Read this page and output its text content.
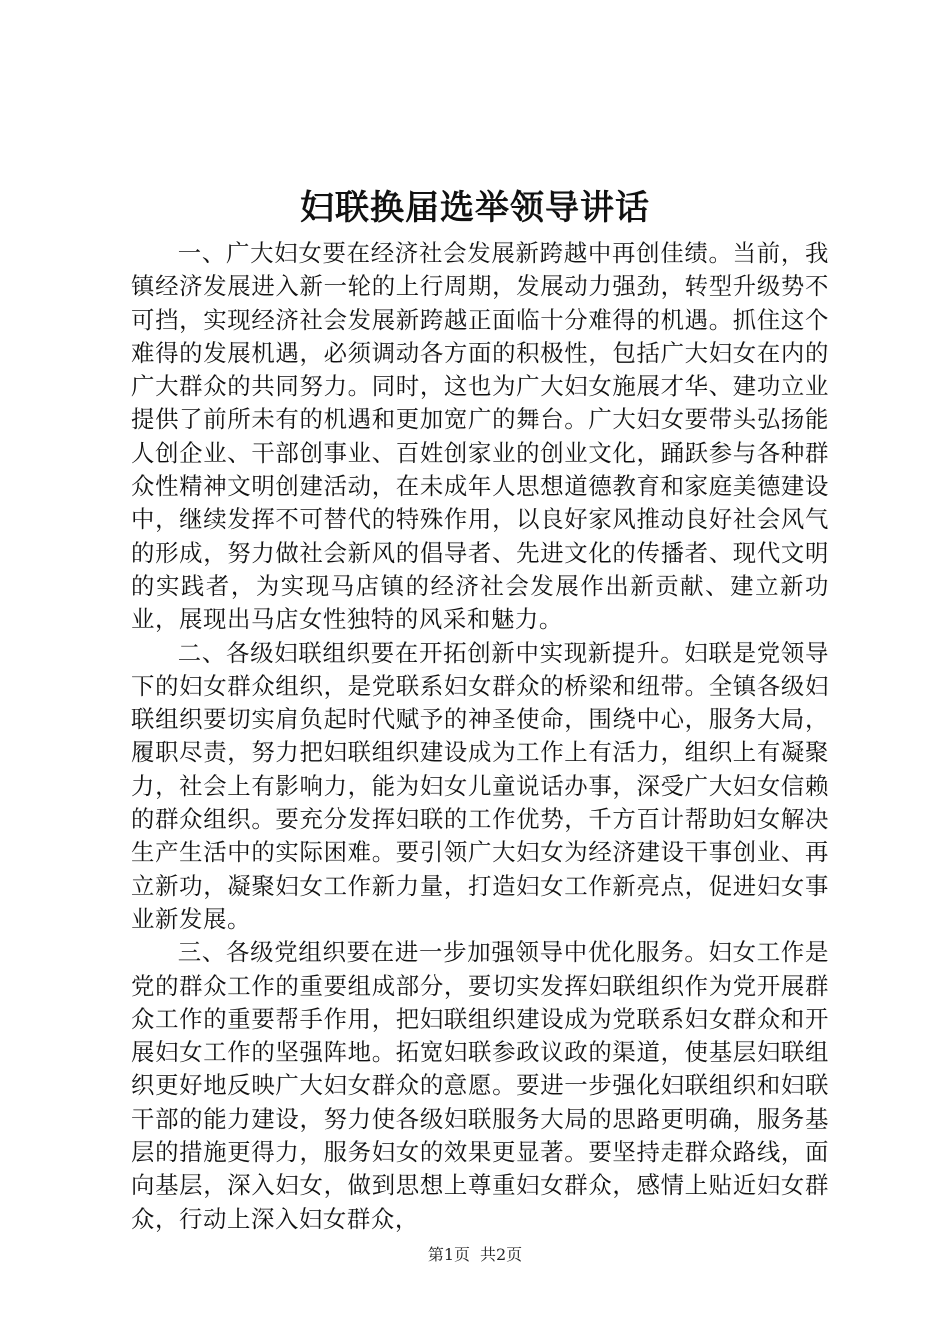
妇联换届选举领导讲话

一、广大妇女要在经济社会发展新跨越中再创佳绩。当前，我镇经济发展进入新一轮的上行周期，发展动力强劲，转型升级势不可挡，实现经济社会发展新跨越正面临十分难得的机遇。抓住这个难得的发展机遇，必须调动各方面的积极性，包括广大妇女在内的广大群众的共同努力。同时，这也为广大妇女施展才华、建功立业提供了前所未有的机遇和更加宽广的舞台。广大妇女要带头弘扬能人创企业、干部创事业、百姓创家业的创业文化，踊跃参与各种群众性精神文明创建活动，在未成年人思想道德教育和家庭美德建设中，继续发挥不可替代的特殊作用，以良好家风推动良好社会风气的形成，努力做社会新风的倡导者、先进文化的传播者、现代文明的实践者，为实现马店镇的经济社会发展作出新贡献、建立新功业，展现出马店女性独特的风采和魅力。

二、各级妇联组织要在开拓创新中实现新提升。妇联是党领导下的妇女群众组织，是党联系妇女群众的桥梁和纽带。全镇各级妇联组织要切实肩负起时代赋予的神圣使命，围绕中心，服务大局，履职尽责，努力把妇联组织建设成为工作上有活力，组织上有凝聚力，社会上有影响力，能为妇女儿童说话办事，深受广大妇女信赖的群众组织。要充分发挥妇联的工作优势，千方百计帮助妇女解决生产生活中的实际困难。要引领广大妇女为经济建设干事创业、再立新功，凝聚妇女工作新力量，打造妇女工作新亮点，促进妇女事业新发展。

三、各级党组织要在进一步加强领导中优化服务。妇女工作是党的群众工作的重要组成部分，要切实发挥妇联组织作为党开展群众工作的重要帮手作用，把妇联组织建设成为党联系妇女群众和开展妇女工作的坚强阵地。拓宽妇联参政议政的渠道，使基层妇联组织更好地反映广大妇女群众的意愿。要进一步强化妇联组织和妇联干部的能力建设，努力使各级妇联服务大局的思路更明确，服务基层的措施更得力，服务妇女的效果更显著。要坚持走群众路线，面向基层，深入妇女，做到思想上尊重妇女群众，感情上贴近妇女群众，行动上深入妇女群众，

第1页 共2页
